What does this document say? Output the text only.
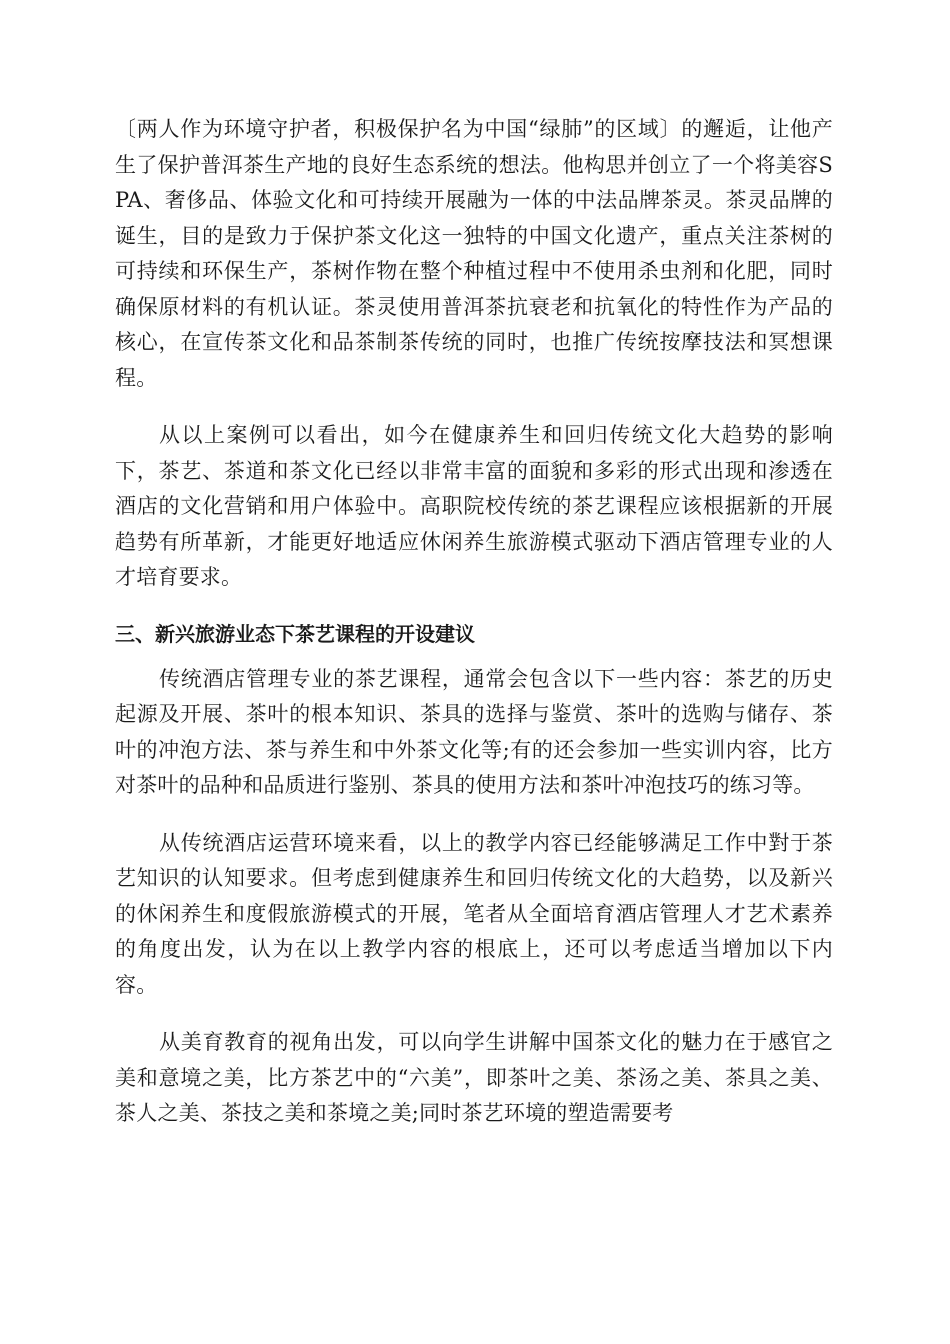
〔两人作为环境守护者，积极保护名为中国“绿肺”的区域〕的邂逅，让他产生了保护普洱茶生产地的良好生态系统的想法。他构思并创立了一个将美容SPA、奢侈品、体验文化和可持续开展融为一体的中法品牌茶灵。茶灵品牌的诞生，目的是致力于保护茶文化这一独特的中国文化遗产，重点关注茶树的可持续和环保生产，茶树作物在整个种植过程中不使用杀虫剂和化肥，同时确保原材料的有机认证。茶灵使用普洱茶抗衰老和抗氧化的特性作为产品的核心，在宣传茶文化和品茶制茶传统的同时，也推广传统按摩技法和冥想课程。

从以上案例可以看出，如今在健康养生和回归传统文化大趋势的影响下，茶艺、茶道和茶文化已经以非常丰富的面貌和多彩的形式出现和渗透在酒店的文化营销和用户体验中。高职院校传统的茶艺课程应该根据新的开展趋势有所革新，才能更好地适应休闲养生旅游模式驱动下酒店管理专业的人才培育要求。

三、新兴旅游业态下茶艺课程的开设建议

传统酒店管理专业的茶艺课程，通常会包含以下一些内容：茶艺的历史起源及开展、茶叶的根本知识、茶具的选择与鉴赏、茶叶的选购与储存、茶叶的冲泡方法、茶与养生和中外茶文化等;有的还会参加一些实训内容，比方对茶叶的品种和品质进行鉴别、茶具的使用方法和茶叶冲泡技巧的练习等。

从传统酒店运营环境来看，以上的教学内容已经能够满足工作中對于茶艺知识的认知要求。但考虑到健康养生和回归传统文化的大趋势，以及新兴的休闲养生和度假旅游模式的开展，笔者从全面培育酒店管理人才艺术素养的角度出发，认为在以上教学内容的根底上，还可以考虑适当增加以下内容。

从美育教育的视角出发，可以向学生讲解中国茶文化的魅力在于感官之美和意境之美，比方茶艺中的“六美”，即茶叶之美、茶汤之美、茶具之美、茶人之美、茶技之美和茶境之美;同时茶艺环境的塑造需要考
